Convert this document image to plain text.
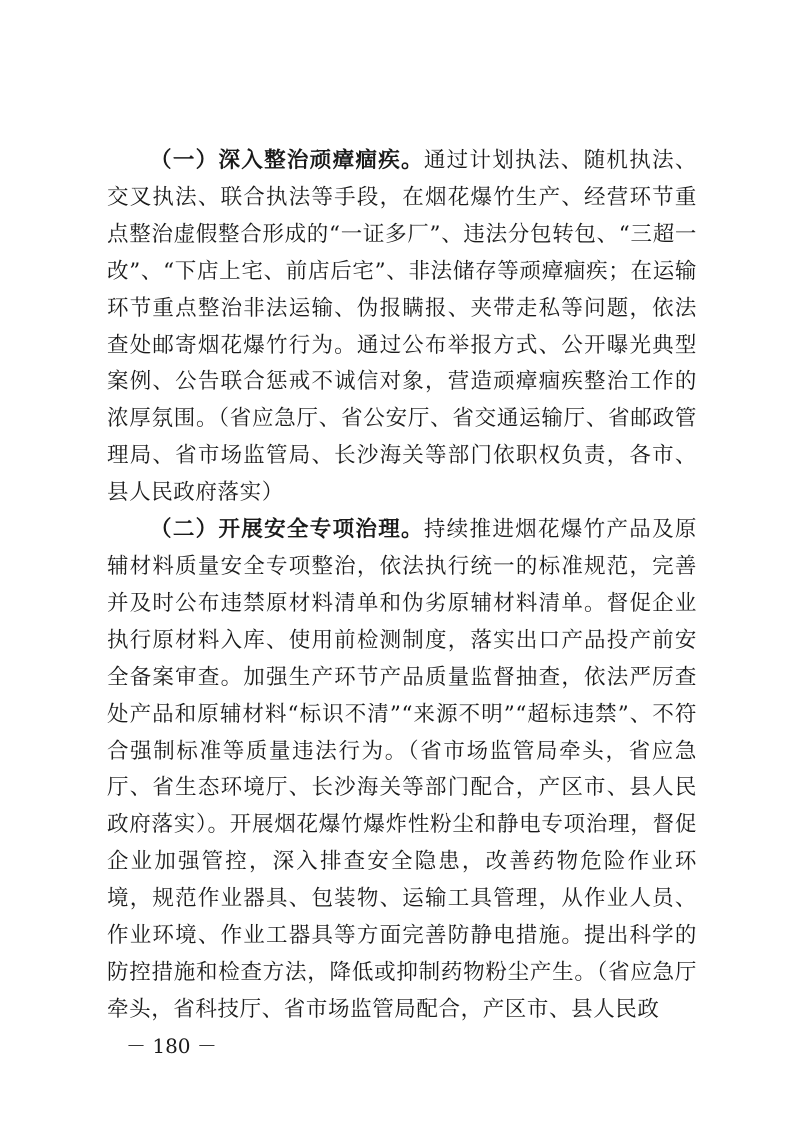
（一）深入整治顽瘴痼疾。通过计划执法、随机执法、交叉执法、联合执法等手段，在烟花爆竹生产、经营环节重点整治虚假整合形成的“一证多厂”、违法分包转包、“三超一改”、“下店上宅、前店后宅”、非法储存等顽瘴痼疾；在运输环节重点整治非法运输、伪报瞒报、夹带走私等问题，依法查处邮寄烟花爆竹行为。通过公布举报方式、公开曝光典型案例、公告联合惩戒不诚信对象，营造顽瘴痼疾整治工作的浓厚氛围。（省应急厅、省公安厅、省交通运输厅、省邮政管理局、省市场监管局、长沙海关等部门依职权负责，各市、县人民政府落实）

（二）开展安全专项治理。持续推进烟花爆竹产品及原辅材料质量安全专项整治，依法执行统一的标准规范，完善并及时公布违禁原材料清单和伪劣原辅材料清单。督促企业执行原材料入库、使用前检测制度，落实出口产品投产前安全备案审查。加强生产环节产品质量监督抽查，依法严厉查处产品和原辅材料“标识不清”“来源不明”“超标违禁”、不符合强制标准等质量违法行为。（省市场监管局牵头，省应急厅、省生态环境厅、长沙海关等部门配合，产区市、县人民政府落实）。开展烟花爆竹爆炸性粉尘和静电专项治理，督促企业加强管控，深入排查安全隐患，改善药物危险作业环境，规范作业器具、包装物、运输工具管理，从作业人员、作业环境、作业工器具等方面完善防静电措施。提出科学的防控措施和检查方法，降低或抑制药物粉尘产生。（省应急厅牵头，省科技厅、省市场监管局配合，产区市、县人民政

－ 180 －
